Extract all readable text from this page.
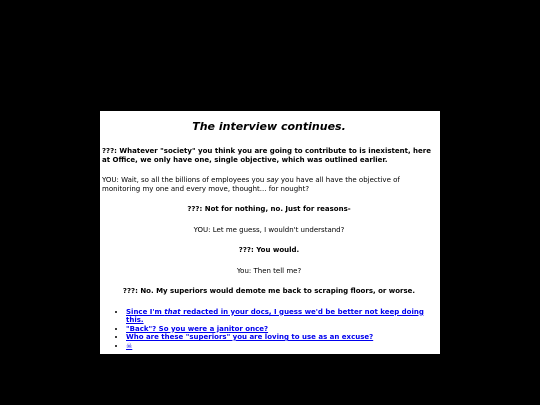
The interview continues.
???: Whatever "society" you think you are going to contribute to is inexistent, here at Office, we only have one, single objective, which was outlined earlier.
YOU: Wait, so all the billions of employees you say you have all have the objective of monitoring my one and every move, thought... for nought?
???: Not for nothing, no. Just for reasons-
YOU: Let me guess, I wouldn't understand?
???: You would.
You: Then tell me?
???: No. My superiors would demote me back to scraping floors, or worse.
• Since I'm that redacted in your docs, I guess we'd be better not keep doing this.
• "Back"? So you were a janitor once?
• Who are these "superiors" you are loving to use as an excuse?
• ☠
